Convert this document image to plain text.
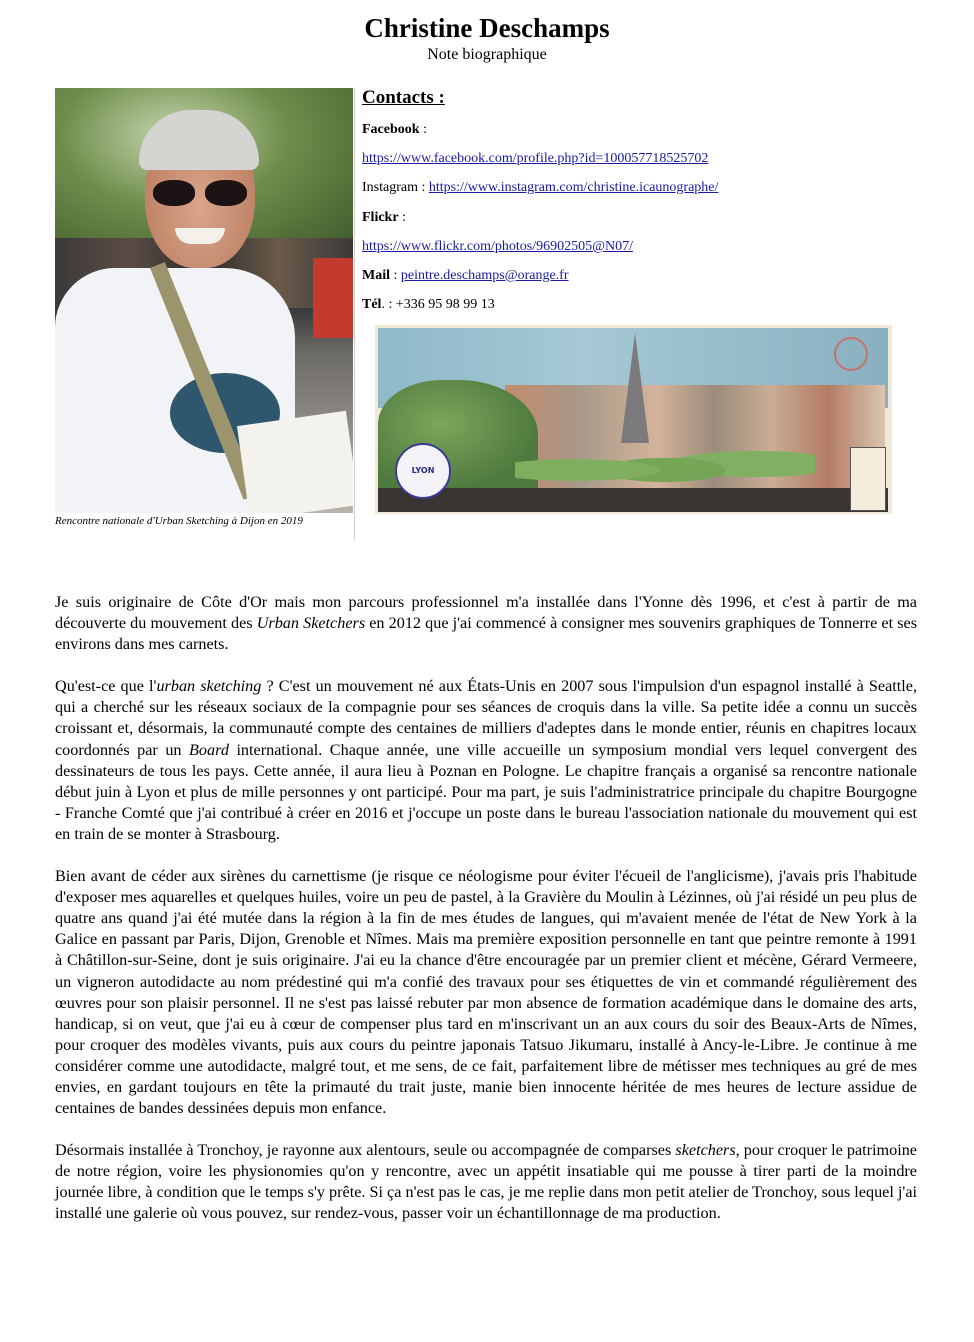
Christine Deschamps
Note biographique
Rencontre nationale d'Urban Sketching à Dijon en 2019
Contacts :
Facebook :
https://www.facebook.com/profile.php?id=100057718525702
Instagram : https://www.instagram.com/christine.icaunographe/
Flickr :
https://www.flickr.com/photos/96902505@N07/
Mail : peintre.deschamps@orange.fr
Tél. : +336 95 98 99 13
LYON

Je suis originaire de Côte d'Or mais mon parcours professionnel m'a installée dans l'Yonne dès 1996, et c'est à partir de ma découverte du mouvement des Urban Sketchers en 2012 que j'ai commencé à consigner mes souvenirs graphiques de Tonnerre et ses environs dans mes carnets.

Qu'est-ce que l'urban sketching ? C'est un mouvement né aux États-Unis en 2007 sous l'impulsion d'un espagnol installé à Seattle, qui a cherché sur les réseaux sociaux de la compagnie pour ses séances de croquis dans la ville. Sa petite idée a connu un succès croissant et, désormais, la communauté compte des centaines de milliers d'adeptes dans le monde entier, réunis en chapitres locaux coordonnés par un Board international. Chaque année, une ville accueille un symposium mondial vers lequel convergent des dessinateurs de tous les pays. Cette année, il aura lieu à Poznan en Pologne. Le chapitre français a organisé sa rencontre nationale début juin à Lyon et plus de mille personnes y ont participé. Pour ma part, je suis l'administratrice principale du chapitre Bourgogne - Franche Comté que j'ai contribué à créer en 2016 et j'occupe un poste dans le bureau l'association nationale du mouvement qui est en train de se monter à Strasbourg.

Bien avant de céder aux sirènes du carnettisme (je risque ce néologisme pour éviter l'écueil de l'anglicisme), j'avais pris l'habitude d'exposer mes aquarelles et quelques huiles, voire un peu de pastel, à la Gravière du Moulin à Lézinnes, où j'ai résidé un peu plus de quatre ans quand j'ai été mutée dans la région à la fin de mes études de langues, qui m'avaient menée de l'état de New York à la Galice en passant par Paris, Dijon, Grenoble et Nîmes. Mais ma première exposition personnelle en tant que peintre remonte à 1991 à Châtillon-sur-Seine, dont je suis originaire. J'ai eu la chance d'être encouragée par un premier client et mécène, Gérard Vermeere, un vigneron autodidacte au nom prédestiné qui m'a confié des travaux pour ses étiquettes de vin et commandé régulièrement des œuvres pour son plaisir personnel. Il ne s'est pas laissé rebuter par mon absence de formation académique dans le domaine des arts, handicap, si on veut, que j'ai eu à cœur de compenser plus tard en m'inscrivant un an aux cours du soir des Beaux-Arts de Nîmes, pour croquer des modèles vivants, puis aux cours du peintre japonais Tatsuo Jikumaru, installé à Ancy-le-Libre. Je continue à me considérer comme une autodidacte, malgré tout, et me sens, de ce fait, parfaitement libre de métisser mes techniques au gré de mes envies, en gardant toujours en tête la primauté du trait juste, manie bien innocente héritée de mes heures de lecture assidue de centaines de bandes dessinées depuis mon enfance.

Désormais installée à Tronchoy, je rayonne aux alentours, seule ou accompagnée de comparses sketchers, pour croquer le patrimoine de notre région, voire les physionomies qu'on y rencontre, avec un appétit insatiable qui me pousse à tirer parti de la moindre journée libre, à condition que le temps s'y prête. Si ça n'est pas le cas, je me replie dans mon petit atelier de Tronchoy, sous lequel j'ai installé une galerie où vous pouvez, sur rendez-vous, passer voir un échantillonnage de ma production.
